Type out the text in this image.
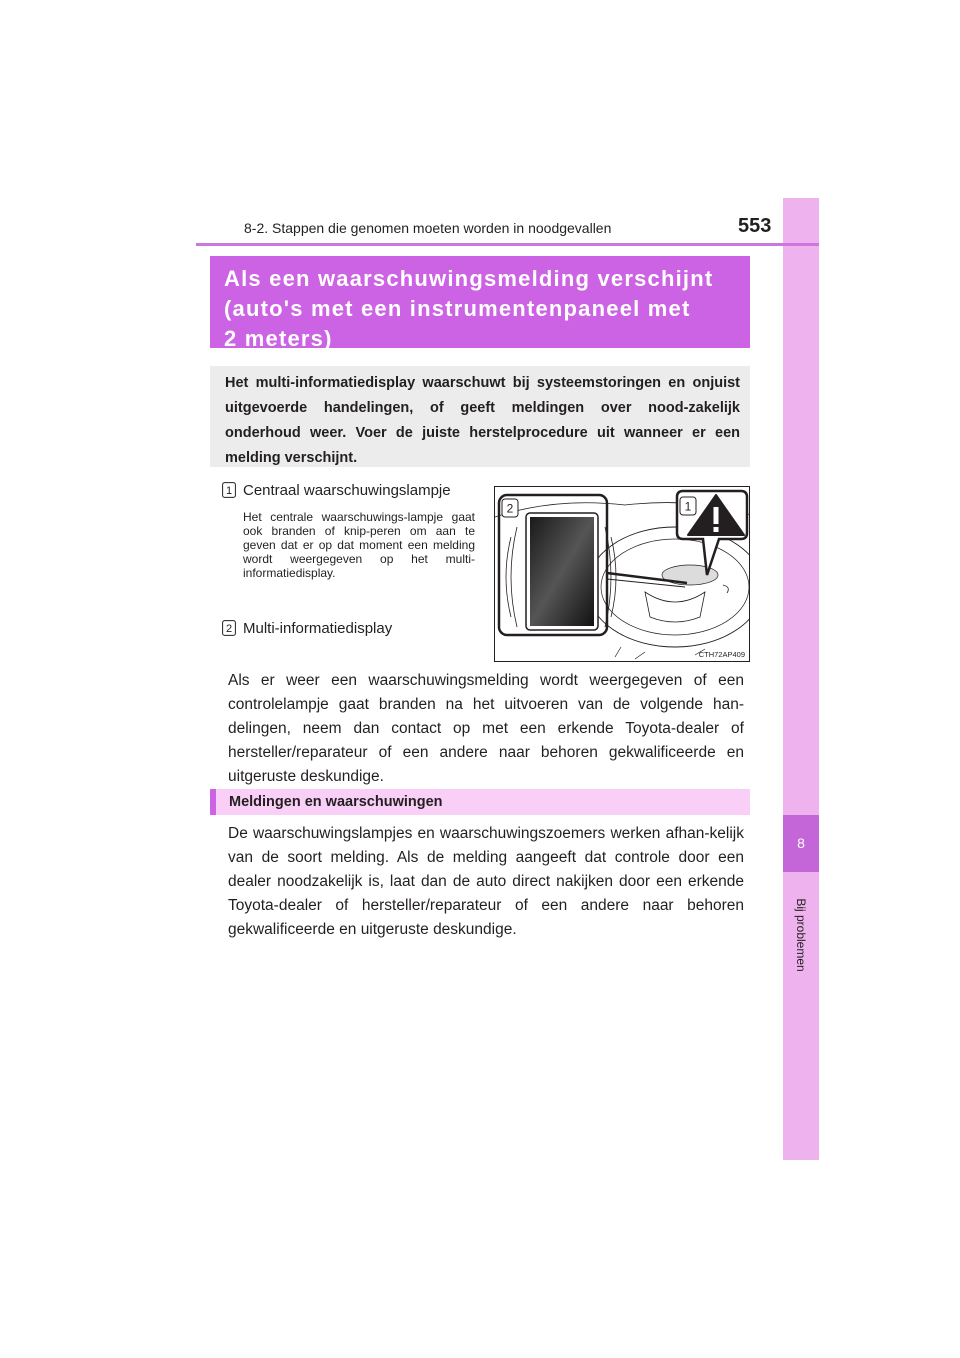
8
Bij problemen
8-2. Stappen die genomen moeten worden in noodgevallen	553
Als een waarschuwingsmelding verschijnt
(auto's met een instrumentenpaneel met
2 meters)
Het multi-informatiedisplay waarschuwt bij systeemstoringen en onjuist uitgevoerde handelingen, of geeft meldingen over nood-zakelijk onderhoud weer. Voer de juiste herstelprocedure uit wanneer er een melding verschijnt.
1 Centraal waarschuwingslampje
Het centrale waarschuwings-lampje gaat ook branden of knip-peren om aan te geven dat er op dat moment een melding wordt weergegeven op het multi-informatiedisplay.
2 Multi-informatiedisplay
2	1
CTH72AP409
Als er weer een waarschuwingsmelding wordt weergegeven of een controlelampje gaat branden na het uitvoeren van de volgende han-delingen, neem dan contact op met een erkende Toyota-dealer of hersteller/reparateur of een andere naar behoren gekwalificeerde en uitgeruste deskundige.
Meldingen en waarschuwingen
De waarschuwingslampjes en waarschuwingszoemers werken afhan-kelijk van de soort melding. Als de melding aangeeft dat controle door een dealer noodzakelijk is, laat dan de auto direct nakijken door een erkende Toyota-dealer of hersteller/reparateur of een andere naar behoren gekwalificeerde en uitgeruste deskundige.
